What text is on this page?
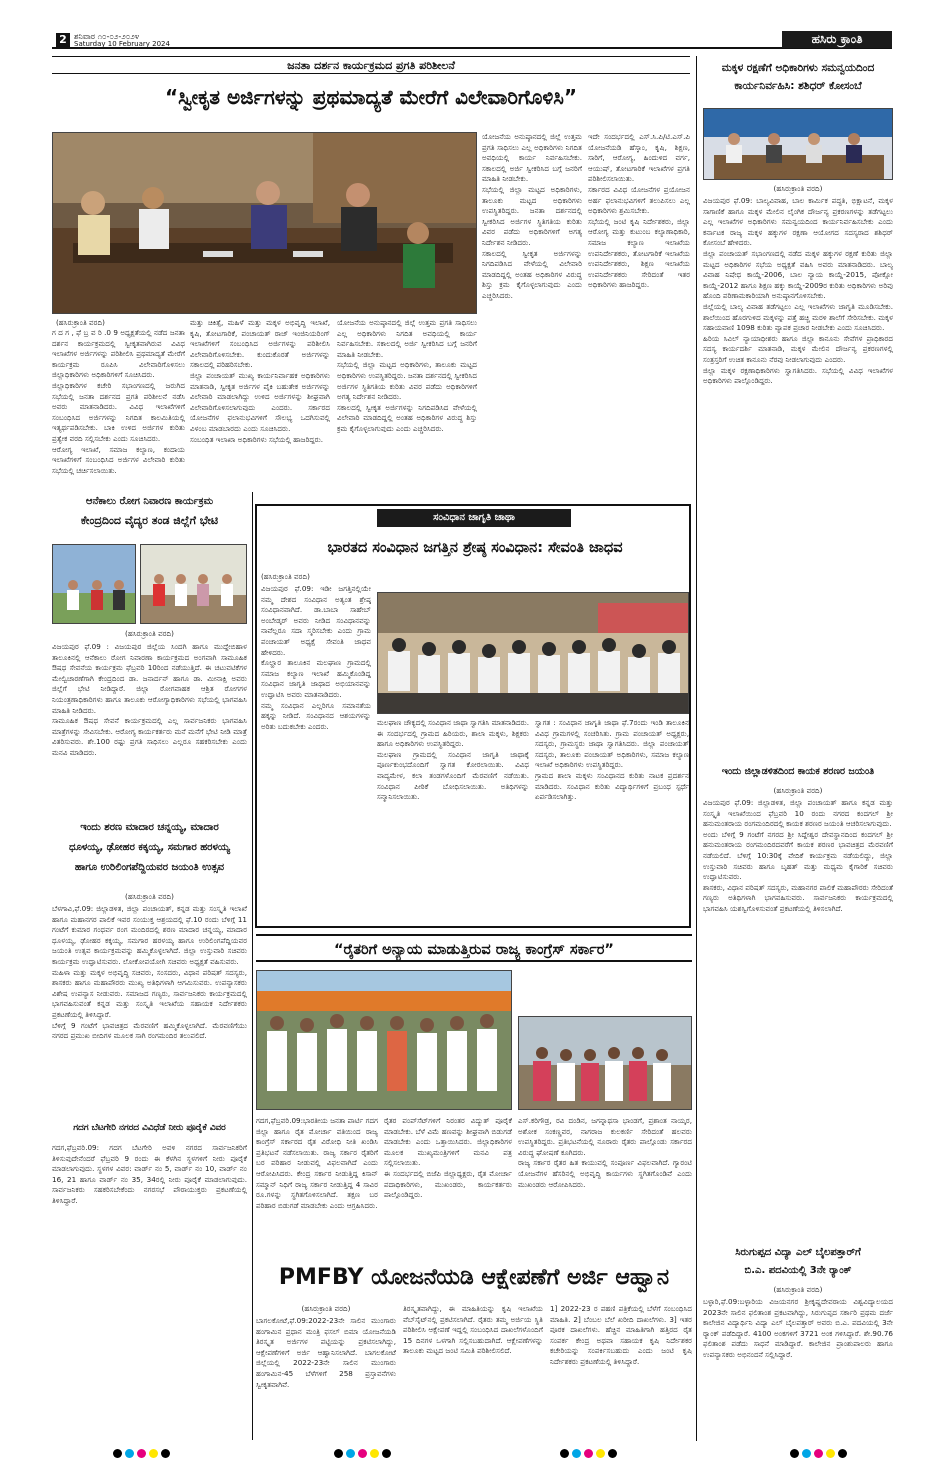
2 ಶನಿವಾರ ೧೦-೦೨-೨೦೨೪
Saturday 10 February 2024	ಹಸಿರು ಕ್ರಾಂತಿ
ಜನತಾ ದರ್ಶನ ಕಾರ್ಯಕ್ರಮದ ಪ್ರಗತಿ ಪರಿಶೀಲನೆ
“ಸ್ವೀಕೃತ ಅರ್ಜಿಗಳನ್ನು ಪ್ರಥಮಾದ್ಯತೆ ಮೇರೆಗೆ ವಿಲೇವಾರಿಗೊಳಿಸಿ”
(ಹಸಿರುಕ್ರಾಂತಿ ವರದಿ)
ಗ ದ ಗ , ಫೆ ಬ್ರ ವ ರಿ .0 9 ಅಧ್ಯಕ್ಷತೆಯಲ್ಲಿ ನಡೆದ ಜನತಾ ದರ್ಶನ ಕಾರ್ಯಕ್ರಮದಲ್ಲಿ ಸ್ವೀಕೃತವಾಗಿರುವ ವಿವಿಧ ಇಲಾಖೆಗಳ ಅರ್ಜಿಗಳನ್ನು ಪರಿಶೀಲಿಸಿ ಪ್ರಥಮಾದ್ಯತೆ ಮೇರೆಗೆ ಕಾರ್ಯಕ್ರಮ ರೂಪಿಸಿ ವಿಲೇವಾರಿಗೊಳಿಸಲು ಜಿಲ್ಲಾಧಿಕಾರಿಗಳು ಅಧಿಕಾರಿಗಳಿಗೆ ಸೂಚಿಸಿದರು.
ಜಿಲ್ಲಾಧಿಕಾರಿಗಳ ಕಚೇರಿ ಸಭಾಂಗಣದಲ್ಲಿ ಜರುಗಿದ ಸಭೆಯಲ್ಲಿ ಜನತಾ ದರ್ಶನದ ಪ್ರಗತಿ ಪರಿಶೀಲನೆ ನಡೆಸಿ ಅವರು ಮಾತನಾಡಿದರು. ವಿವಿಧ ಇಲಾಖೆಗಳಿಗೆ ಸಂಬಂಧಿಸಿದ ಅರ್ಜಿಗಳನ್ನು ನಿಗದಿತ ಕಾಲಮಿತಿಯಲ್ಲಿ ಇತ್ಯರ್ಥಪಡಿಸಬೇಕು. ಬಾಕಿ ಉಳಿದ ಅರ್ಜಿಗಳ ಕುರಿತು ಪ್ರತ್ಯೇಕ ವರದಿ ಸಲ್ಲಿಸಬೇಕು ಎಂದು ಸೂಚಿಸಿದರು.
ಆರೋಗ್ಯ ಇಲಾಖೆ, ಸಮಾಜ ಕಲ್ಯಾಣ, ಕಂದಾಯ ಇಲಾಖೆಗಳಿಗೆ ಸಂಬಂಧಿಸಿದ ಅರ್ಜಿಗಳ ವಿಲೇವಾರಿ ಕುರಿತು ಸಭೆಯಲ್ಲಿ ಚರ್ಚಿಸಲಾಯಿತು.
ಮತ್ತು ಚಿಕಿತ್ಸೆ, ಮಹಿಳೆ ಮತ್ತು ಮಕ್ಕಳ ಅಭಿವೃದ್ಧಿ ಇಲಾಖೆ, ಕೃಷಿ, ತೋಟಗಾರಿಕೆ, ಪಂಚಾಯತ್ ರಾಜ್ ಇಂಜಿನಿಯರಿಂಗ್ ಇಲಾಖೆಗಳಿಗೆ ಸಂಬಂಧಿಸಿದ ಅರ್ಜಿಗಳನ್ನು ಪರಿಶೀಲಿಸಿ ವಿಲೇವಾರಿಗೊಳಿಸಬೇಕು. ಕುಂದುಕೊರತೆ ಅರ್ಜಿಗಳನ್ನು ಸಕಾಲದಲ್ಲಿ ಪರಿಹರಿಸಬೇಕು.
ಜಿಲ್ಲಾ ಪಂಚಾಯತ್ ಮುಖ್ಯ ಕಾರ್ಯನಿರ್ವಾಹಕ ಅಧಿಕಾರಿಗಳು ಮಾತನಾಡಿ, ಸ್ವೀಕೃತ ಅರ್ಜಿಗಳ ಪೈಕಿ ಬಹುತೇಕ ಅರ್ಜಿಗಳನ್ನು ವಿಲೇವಾರಿ ಮಾಡಲಾಗಿದ್ದು ಉಳಿದ ಅರ್ಜಿಗಳನ್ನು ಶೀಘ್ರವಾಗಿ ವಿಲೇವಾರಿಗೊಳಿಸಲಾಗುವುದು ಎಂದರು. ಸರ್ಕಾರದ ಯೋಜನೆಗಳ ಫಲಾನುಭವಿಗಳಿಗೆ ಸೌಲಭ್ಯ ಒದಗಿಸುವಲ್ಲಿ ವಿಳಂಬ ಮಾಡಬಾರದು ಎಂದು ಸೂಚಿಸಿದರು.
ಸಂಬಂಧಿತ ಇಲಾಖಾ ಅಧಿಕಾರಿಗಳು ಸಭೆಯಲ್ಲಿ ಹಾಜರಿದ್ದರು.
ಯೋಜನೆಯ ಅನುಷ್ಠಾನದಲ್ಲಿ ಜಿಲ್ಲೆ ಉತ್ತಮ ಪ್ರಗತಿ ಸಾಧಿಸಲು ಎಲ್ಲ ಅಧಿಕಾರಿಗಳು ನಿಗದಿತ ಅವಧಿಯಲ್ಲಿ ಕಾರ್ಯ ನಿರ್ವಹಿಸಬೇಕು. ಸಕಾಲದಲ್ಲಿ ಅರ್ಜಿ ಸ್ವೀಕರಿಸಿದ ಬಗ್ಗೆ ಜನರಿಗೆ ಮಾಹಿತಿ ನೀಡಬೇಕು.
ಸಭೆಯಲ್ಲಿ ಜಿಲ್ಲಾ ಮಟ್ಟದ ಅಧಿಕಾರಿಗಳು, ತಾಲೂಕು ಮಟ್ಟದ ಅಧಿಕಾರಿಗಳು ಉಪಸ್ಥಿತರಿದ್ದರು. ಜನತಾ ದರ್ಶನದಲ್ಲಿ ಸ್ವೀಕರಿಸಿದ ಅರ್ಜಿಗಳ ಸ್ಥಿತಿಗತಿಯ ಕುರಿತು ವಿವರ ಪಡೆದು ಅಧಿಕಾರಿಗಳಿಗೆ ಅಗತ್ಯ ನಿರ್ದೇಶನ ನೀಡಿದರು.
ಸಕಾಲದಲ್ಲಿ ಸ್ವೀಕೃತ ಅರ್ಜಿಗಳನ್ನು ನಿಗದಿಪಡಿಸಿದ ವೇಳೆಯಲ್ಲಿ ವಿಲೇವಾರಿ ಮಾಡದಿದ್ದಲ್ಲಿ ಅಂತಹ ಅಧಿಕಾರಿಗಳ ವಿರುದ್ಧ ಶಿಸ್ತು ಕ್ರಮ ಕೈಗೊಳ್ಳಲಾಗುವುದು ಎಂದು ಎಚ್ಚರಿಸಿದರು.
ಯೋಜನೆಯ ಅನುಷ್ಠಾನದಲ್ಲಿ ಜಿಲ್ಲೆ ಉತ್ತಮ ಪ್ರಗತಿ ಸಾಧಿಸಲು ಎಲ್ಲ ಅಧಿಕಾರಿಗಳು ನಿಗದಿತ ಅವಧಿಯಲ್ಲಿ ಕಾರ್ಯ ನಿರ್ವಹಿಸಬೇಕು. ಸಕಾಲದಲ್ಲಿ ಅರ್ಜಿ ಸ್ವೀಕರಿಸಿದ ಬಗ್ಗೆ ಜನರಿಗೆ ಮಾಹಿತಿ ನೀಡಬೇಕು.
ಸಭೆಯಲ್ಲಿ ಜಿಲ್ಲಾ ಮಟ್ಟದ ಅಧಿಕಾರಿಗಳು, ತಾಲೂಕು ಮಟ್ಟದ ಅಧಿಕಾರಿಗಳು ಉಪಸ್ಥಿತರಿದ್ದರು. ಜನತಾ ದರ್ಶನದಲ್ಲಿ ಸ್ವೀಕರಿಸಿದ ಅರ್ಜಿಗಳ ಸ್ಥಿತಿಗತಿಯ ಕುರಿತು ವಿವರ ಪಡೆದು ಅಧಿಕಾರಿಗಳಿಗೆ ಅಗತ್ಯ ನಿರ್ದೇಶನ ನೀಡಿದರು.
ಸಕಾಲದಲ್ಲಿ ಸ್ವೀಕೃತ ಅರ್ಜಿಗಳನ್ನು ನಿಗದಿಪಡಿಸಿದ ವೇಳೆಯಲ್ಲಿ ವಿಲೇವಾರಿ ಮಾಡದಿದ್ದಲ್ಲಿ ಅಂತಹ ಅಧಿಕಾರಿಗಳ ವಿರುದ್ಧ ಶಿಸ್ತು ಕ್ರಮ ಕೈಗೊಳ್ಳಲಾಗುವುದು ಎಂದು ಎಚ್ಚರಿಸಿದರು.
ಇದೇ ಸಂದರ್ಭದಲ್ಲಿ ಎಸ್.ಸಿ.ಪಿ/ಟಿ.ಎಸ್.ಪಿ ಯೋಜನೆಯಡಿ ಹೆಸ್ಕಾಂ, ಕೃಷಿ, ಶಿಕ್ಷಣ, ಸಾರಿಗೆ, ಆರೋಗ್ಯ, ಹಿಂದುಳಿದ ವರ್ಗ, ಆಯುಷ್, ತೋಟಗಾರಿಕೆ ಇಲಾಖೆಗಳ ಪ್ರಗತಿ ಪರಿಶೀಲಿಸಲಾಯಿತು.
ಸರ್ಕಾರದ ವಿವಿಧ ಯೋಜನೆಗಳ ಪ್ರಯೋಜನ ಅರ್ಹ ಫಲಾನುಭವಿಗಳಿಗೆ ತಲುಪಿಸಲು ಎಲ್ಲ ಅಧಿಕಾರಿಗಳು ಶ್ರಮಿಸಬೇಕು.
ಸಭೆಯಲ್ಲಿ ಜಂಟಿ ಕೃಷಿ ನಿರ್ದೇಶಕರು, ಜಿಲ್ಲಾ ಆರೋಗ್ಯ ಮತ್ತು ಕುಟುಂಬ ಕಲ್ಯಾಣಾಧಿಕಾರಿ, ಸಮಾಜ ಕಲ್ಯಾಣ ಇಲಾಖೆಯ ಉಪನಿರ್ದೇಶಕರು, ತೋಟಗಾರಿಕೆ ಇಲಾಖೆಯ ಉಪನಿರ್ದೇಶಕರು, ಶಿಕ್ಷಣ ಇಲಾಖೆಯ ಉಪನಿರ್ದೇಶಕರು ಸೇರಿದಂತೆ ಇತರ ಅಧಿಕಾರಿಗಳು ಹಾಜರಿದ್ದರು.
ಮಕ್ಕಳ ರಕ್ಷಣೆಗೆ ಅಧಿಕಾರಿಗಳು ಸಮನ್ವಯದಿಂದ
ಕಾರ್ಯನಿರ್ವಹಿಸಿ: ಶಶಿಧರ್ ಕೋಸಂಬೆ
(ಹಸಿರುಕ್ರಾಂತಿ ವರದಿ)
ವಿಜಯಪುರ ಫೆ.09: ಬಾಲ್ಯವಿವಾಹ, ಬಾಲ ಕಾರ್ಮಿಕ ಪದ್ಧತಿ, ಭಿಕ್ಷಾಟನೆ, ಮಕ್ಕಳ ಸಾಗಾಣಿಕೆ ಹಾಗೂ ಮಕ್ಕಳ ಮೇಲಿನ ಲೈಂಗಿಕ ದೌರ್ಜನ್ಯ ಪ್ರಕರಣಗಳನ್ನು ತಡೆಗಟ್ಟಲು ಎಲ್ಲ ಇಲಾಖೆಗಳ ಅಧಿಕಾರಿಗಳು ಸಮನ್ವಯದಿಂದ ಕಾರ್ಯನಿರ್ವಹಿಸಬೇಕು ಎಂದು ಕರ್ನಾಟಕ ರಾಜ್ಯ ಮಕ್ಕಳ ಹಕ್ಕುಗಳ ರಕ್ಷಣಾ ಆಯೋಗದ ಸದಸ್ಯರಾದ ಶಶಿಧರ್ ಕೋಸಂಬೆ ಹೇಳಿದರು.
ಜಿಲ್ಲಾ ಪಂಚಾಯತ್ ಸಭಾಂಗಣದಲ್ಲಿ ನಡೆದ ಮಕ್ಕಳ ಹಕ್ಕುಗಳ ರಕ್ಷಣೆ ಕುರಿತು ಜಿಲ್ಲಾ ಮಟ್ಟದ ಅಧಿಕಾರಿಗಳ ಸಭೆಯ ಅಧ್ಯಕ್ಷತೆ ವಹಿಸಿ ಅವರು ಮಾತನಾಡಿದರು. ಬಾಲ್ಯ ವಿವಾಹ ನಿಷೇಧ ಕಾಯ್ದೆ-2006, ಬಾಲ ನ್ಯಾಯ ಕಾಯ್ದೆ-2015, ಪೋಕ್ಸೋ ಕಾಯ್ದೆ-2012 ಹಾಗೂ ಶಿಕ್ಷಣ ಹಕ್ಕು ಕಾಯ್ದೆ-2009ರ ಕುರಿತು ಅಧಿಕಾರಿಗಳು ಅರಿವು ಹೊಂದಿ ಪರಿಣಾಮಕಾರಿಯಾಗಿ ಅನುಷ್ಠಾನಗೊಳಿಸಬೇಕು.
ಜಿಲ್ಲೆಯಲ್ಲಿ ಬಾಲ್ಯ ವಿವಾಹ ತಡೆಗಟ್ಟಲು ಎಲ್ಲ ಇಲಾಖೆಗಳು ಜಾಗೃತಿ ಮೂಡಿಸಬೇಕು. ಶಾಲೆಯಿಂದ ಹೊರಗುಳಿದ ಮಕ್ಕಳನ್ನು ಪತ್ತೆ ಹಚ್ಚಿ ಮರಳಿ ಶಾಲೆಗೆ ಸೇರಿಸಬೇಕು. ಮಕ್ಕಳ ಸಹಾಯವಾಣಿ 1098 ಕುರಿತು ವ್ಯಾಪಕ ಪ್ರಚಾರ ನೀಡಬೇಕು ಎಂದು ಸೂಚಿಸಿದರು.
ಹಿರಿಯ ಸಿವಿಲ್ ನ್ಯಾಯಾಧೀಶರು ಹಾಗೂ ಜಿಲ್ಲಾ ಕಾನೂನು ಸೇವೆಗಳ ಪ್ರಾಧಿಕಾರದ ಸದಸ್ಯ ಕಾರ್ಯದರ್ಶಿ ಮಾತನಾಡಿ, ಮಕ್ಕಳ ಮೇಲಿನ ದೌರ್ಜನ್ಯ ಪ್ರಕರಣಗಳಲ್ಲಿ ಸಂತ್ರಸ್ತರಿಗೆ ಉಚಿತ ಕಾನೂನು ನೆರವು ನೀಡಲಾಗುವುದು ಎಂದರು.
ಜಿಲ್ಲಾ ಮಕ್ಕಳ ರಕ್ಷಣಾಧಿಕಾರಿಗಳು ಸ್ವಾಗತಿಸಿದರು. ಸಭೆಯಲ್ಲಿ ವಿವಿಧ ಇಲಾಖೆಗಳ ಅಧಿಕಾರಿಗಳು ಪಾಲ್ಗೊಂಡಿದ್ದರು.
ಇಂದು ಜಿಲ್ಲಾಡಳಿತದಿಂದ ಕಾಯಕ ಶರಣರ ಜಯಂತಿ
(ಹಸಿರುಕ್ರಾಂತಿ ವರದಿ)
ವಿಜಯಪುರ ಫೆ.09: ಜಿಲ್ಲಾಡಳಿತ, ಜಿಲ್ಲಾ ಪಂಚಾಯತ್ ಹಾಗೂ ಕನ್ನಡ ಮತ್ತು ಸಂಸ್ಕೃತಿ ಇಲಾಖೆಯಿಂದ ಫೆಬ್ರವರಿ 10 ರಂದು ನಗರದ ಕಂದಗಲ್ ಶ್ರೀ ಹನುಮಂತರಾಯ ರಂಗಮಂದಿರದಲ್ಲಿ ಕಾಯಕ ಶರಣರ ಜಯಂತಿ ಆಚರಿಸಲಾಗುವುದು.
ಅಂದು ಬೆಳಿಗ್ಗೆ 9 ಗಂಟೆಗೆ ನಗರದ ಶ್ರೀ ಸಿದ್ದೇಶ್ವರ ದೇವಸ್ಥಾನದಿಂದ ಕಂದಗಲ್ ಶ್ರೀ ಹನುಮಂತರಾಯ ರಂಗಮಂದಿರದವರೆಗೆ ಕಾಯಕ ಶರಣರ ಭಾವಚಿತ್ರದ ಮೆರವಣಿಗೆ ನಡೆಯಲಿದೆ. ಬೆಳಿಗ್ಗೆ 10:30ಕ್ಕೆ ವೇದಿಕೆ ಕಾರ್ಯಕ್ರಮ ನಡೆಯಲಿದ್ದು, ಜಿಲ್ಲಾ ಉಸ್ತುವಾರಿ ಸಚಿವರು ಹಾಗೂ ಬೃಹತ್ ಮತ್ತು ಮಧ್ಯಮ ಕೈಗಾರಿಕೆ ಸಚಿವರು ಉದ್ಘಾಟಿಸುವರು.
ಶಾಸಕರು, ವಿಧಾನ ಪರಿಷತ್ ಸದಸ್ಯರು, ಮಹಾನಗರ ಪಾಲಿಕೆ ಮಹಾಪೌರರು ಸೇರಿದಂತೆ ಗಣ್ಯರು ಅತಿಥಿಗಳಾಗಿ ಭಾಗವಹಿಸುವರು. ಸಾರ್ವಜನಿಕರು ಕಾರ್ಯಕ್ರಮದಲ್ಲಿ ಭಾಗವಹಿಸಿ ಯಶಸ್ವಿಗೊಳಿಸುವಂತೆ ಪ್ರಕಟಣೆಯಲ್ಲಿ ತಿಳಿಸಲಾಗಿದೆ.
ಸಿರುಗುಪ್ಪದ ವಿದ್ಯಾ ಎಲ್ ಬೈಲಪತ್ತಾರ್‌ಗೆ
ಬಿ.ಎ. ಪದವಿಯಲ್ಲಿ 3ನೇ ರ್‍ಯಾಂಕ್
(ಹಸಿರುಕ್ರಾಂತಿ ವರದಿ)
ಬಳ್ಳಾರಿ,ಫೆ.09:ಬಳ್ಳಾರಿಯ ವಿಜಯನಗರ ಶ್ರೀಕೃಷ್ಣದೇವರಾಯ ವಿಶ್ವವಿದ್ಯಾಲಯದ 2023ನೇ ಸಾಲಿನ ಫಲಿತಾಂಶ ಪ್ರಕಟವಾಗಿದ್ದು, ಸಿರುಗುಪ್ಪದ ಸರ್ಕಾರಿ ಪ್ರಥಮ ದರ್ಜೆ ಕಾಲೇಜಿನ ವಿದ್ಯಾರ್ಥಿನಿ ವಿದ್ಯಾ ಎಲ್ ಬೈಲಪತ್ತಾರ್ ಅವರು ಬಿ.ಎ. ಪದವಿಯಲ್ಲಿ 3ನೇ ರ್‍ಯಾಂಕ್ ಪಡೆದಿದ್ದಾರೆ. 4100 ಅಂಕಗಳಿಗೆ 3721 ಅಂಕ ಗಳಿಸಿದ್ದಾರೆ. ಶೇ.90.76 ಫಲಿತಾಂಶ ಪಡೆದು ಸಾಧನೆ ಮಾಡಿದ್ದಾರೆ. ಕಾಲೇಜಿನ ಪ್ರಾಂಶುಪಾಲರು ಹಾಗೂ ಉಪನ್ಯಾಸಕರು ಅಭಿನಂದನೆ ಸಲ್ಲಿಸಿದ್ದಾರೆ.
ಆನೆಕಾಲು ರೋಗ ನಿವಾರಣ ಕಾರ್ಯಕ್ರಮ
ಕೇಂದ್ರದಿಂದ ವೈದ್ಯರ ತಂಡ ಜಿಲ್ಲೆಗೆ ಭೇಟಿ
(ಹಸಿರುಕ್ರಾಂತಿ ವರದಿ)
ವಿಜಯಪುರ ಫೆ.09 : ವಿಜಯಪುರ ಜಿಲ್ಲೆಯ ಸಿಂದಗಿ ಹಾಗೂ ಮುದ್ದೇಬಿಹಾಳ ತಾಲೂಕಿನಲ್ಲಿ ಆನೆಕಾಲು ರೋಗ ನಿವಾರಣಾ ಕಾರ್ಯಕ್ರಮದ ಅಂಗವಾಗಿ ಸಾಮೂಹಿಕ ಔಷಧ ಸೇವನೆಯ ಕಾರ್ಯಕ್ರಮ ಫೆಬ್ರವರಿ 10ರಿಂದ ನಡೆಯುತ್ತಿದೆ. ಈ ಚಟುವಟಿಕೆಗಳ ಮೇಲ್ವಿಚಾರಣೆಗಾಗಿ ಕೇಂದ್ರದಿಂದ ಡಾ. ಜನಾರ್ದನ್ ಹಾಗೂ ಡಾ. ಮೀನಾಕ್ಷಿ ಅವರು ಜಿಲ್ಲೆಗೆ ಭೇಟಿ ನೀಡಿದ್ದಾರೆ. ಜಿಲ್ಲಾ ರೋಗವಾಹಕ ಆಶ್ರಿತ ರೋಗಗಳ ನಿಯಂತ್ರಣಾಧಿಕಾರಿಗಳು ಹಾಗೂ ತಾಲೂಕು ಆರೋಗ್ಯಾಧಿಕಾರಿಗಳು ಸಭೆಯಲ್ಲಿ ಭಾಗವಹಿಸಿ ಮಾಹಿತಿ ನೀಡಿದರು.
ಸಾಮೂಹಿಕ ಔಷಧ ಸೇವನೆ ಕಾರ್ಯಕ್ರಮದಲ್ಲಿ ಎಲ್ಲ ಸಾರ್ವಜನಿಕರು ಭಾಗವಹಿಸಿ ಮಾತ್ರೆಗಳನ್ನು ಸೇವಿಸಬೇಕು. ಆರೋಗ್ಯ ಕಾರ್ಯಕರ್ತರು ಮನೆ ಮನೆಗೆ ಭೇಟಿ ನೀಡಿ ಮಾತ್ರೆ ವಿತರಿಸುವರು. ಶೇ.100 ರಷ್ಟು ಪ್ರಗತಿ ಸಾಧಿಸಲು ಎಲ್ಲರೂ ಸಹಕರಿಸಬೇಕು ಎಂದು ಮನವಿ ಮಾಡಿದರು.
ಇಂದು ಶರಣ ಮಾದಾರ ಚನ್ನಯ್ಯ, ಮಾದಾರ
ಧೂಳಯ್ಯ, ಢೋಹರ ಕಕ್ಕಯ್ಯ, ಸಮಗಾರ ಹರಳಯ್ಯ
ಹಾಗೂ ಉರಿಲಿಂಗಪೆದ್ದಿಯವರ ಜಯಂತಿ ಉತ್ಸವ
(ಹಸಿರುಕ್ರಾಂತಿ ವರದಿ)
ಬೆಳಗಾವಿ,ಫೆ.09: ಜಿಲ್ಲಾಡಳಿತ, ಜಿಲ್ಲಾ ಪಂಚಾಯತ್, ಕನ್ನಡ ಮತ್ತು ಸಂಸ್ಕೃತಿ ಇಲಾಖೆ ಹಾಗೂ ಮಹಾನಗರ ಪಾಲಿಕೆ ಇವರ ಸಂಯುಕ್ತ ಆಶ್ರಯದಲ್ಲಿ ಫೆ.10 ರಂದು ಬೆಳಿಗ್ಗೆ 11 ಗಂಟೆಗೆ ಕುಮಾರ ಗಂಧರ್ವ ರಂಗ ಮಂದಿರದಲ್ಲಿ ಶರಣ ಮಾದಾರ ಚನ್ನಯ್ಯ, ಮಾದಾರ ಧೂಳಯ್ಯ, ಢೋಹರ ಕಕ್ಕಯ್ಯ, ಸಮಗಾರ ಹರಳಯ್ಯ ಹಾಗೂ ಉರಿಲಿಂಗಪೆದ್ದಿಯವರ ಜಯಂತಿ ಉತ್ಸವ ಕಾರ್ಯಕ್ರಮವನ್ನು ಹಮ್ಮಿಕೊಳ್ಳಲಾಗಿದೆ. ಜಿಲ್ಲಾ ಉಸ್ತುವಾರಿ ಸಚಿವರು ಕಾರ್ಯಕ್ರಮ ಉದ್ಘಾಟಿಸುವರು. ಲೋಕೋಪಯೋಗಿ ಸಚಿವರು ಅಧ್ಯಕ್ಷತೆ ವಹಿಸುವರು.
ಮಹಿಳಾ ಮತ್ತು ಮಕ್ಕಳ ಅಭಿವೃದ್ಧಿ ಸಚಿವರು, ಸಂಸದರು, ವಿಧಾನ ಪರಿಷತ್ ಸದಸ್ಯರು, ಶಾಸಕರು ಹಾಗೂ ಮಹಾಪೌರರು ಮುಖ್ಯ ಅತಿಥಿಗಳಾಗಿ ಆಗಮಿಸುವರು. ಉಪನ್ಯಾಸಕರು ವಿಶೇಷ ಉಪನ್ಯಾಸ ನೀಡುವರು. ಸಮಾಜದ ಗಣ್ಯರು, ಸಾರ್ವಜನಿಕರು ಕಾರ್ಯಕ್ರಮದಲ್ಲಿ ಭಾಗವಹಿಸುವಂತೆ ಕನ್ನಡ ಮತ್ತು ಸಂಸ್ಕೃತಿ ಇಲಾಖೆಯ ಸಹಾಯಕ ನಿರ್ದೇಶಕರು ಪ್ರಕಟಣೆಯಲ್ಲಿ ತಿಳಿಸಿದ್ದಾರೆ.
ಬೆಳಿಗ್ಗೆ 9 ಗಂಟೆಗೆ ಭಾವಚಿತ್ರದ ಮೆರವಣಿಗೆ ಹಮ್ಮಿಕೊಳ್ಳಲಾಗಿದೆ. ಮೆರವಣಿಗೆಯು ನಗರದ ಪ್ರಮುಖ ಬೀದಿಗಳ ಮೂಲಕ ಸಾಗಿ ರಂಗಮಂದಿರ ತಲುಪಲಿದೆ.
ಗದಗ ಬೆಟಗೇರಿ ನಗರದ ವಿವಿಧೆಡೆ ನೀರು ಪೂರೈಕೆ ವಿವರ
ಗದಗ,ಫೆಬ್ರವರಿ.09: ಗದಗ ಬೆಟಗೇರಿ ಅವಳಿ ನಗರದ ಸಾರ್ವಜನಿಕರಿಗೆ ತಿಳಿಸುವುದೇನೆಂದರೆ ಫೆಬ್ರವರಿ 9 ರಂದು ಈ ಕೆಳಗಿನ ಸ್ಥಳಗಳಿಗೆ ನೀರು ಪೂರೈಕೆ ಮಾಡಲಾಗುವುದು. ಸ್ಥಳಗಳ ವಿವರ: ವಾರ್ಡ್ ನಂ 5, ವಾರ್ಡ್ ನಂ 10, ವಾರ್ಡ್ ನಂ 16, 21 ಹಾಗೂ ವಾರ್ಡ್ ನಂ 35, 34ರಲ್ಲಿ ನೀರು ಪೂರೈಕೆ ಮಾಡಲಾಗುವುದು. ಸಾರ್ವಜನಿಕರು ಸಹಕರಿಸಬೇಕೆಂದು ನಗರಸಭೆ ಪೌರಾಯುಕ್ತರು ಪ್ರಕಟಣೆಯಲ್ಲಿ ತಿಳಿಸಿದ್ದಾರೆ.
ಸಂವಿಧಾನ ಜಾಗೃತಿ ಜಾಥಾ
ಭಾರತದ ಸಂವಿಧಾನ ಜಗತ್ತಿನ ಶ್ರೇಷ್ಠ ಸಂವಿಧಾನ: ಸೇವಂತಿ ಜಾಧವ
(ಹಸಿರುಕ್ರಾಂತಿ ವರದಿ)
ವಿಜಯಪುರ ಫೆ.09: ಇಡೀ ಜಗತ್ತಿನಲ್ಲಿಯೇ ನಮ್ಮ ದೇಶದ ಸಂವಿಧಾನ ಅತ್ಯಂತ ಶ್ರೇಷ್ಠ ಸಂವಿಧಾನವಾಗಿದೆ. ಡಾ.ಬಾಬಾ ಸಾಹೇಬ್ ಅಂಬೇಡ್ಕರ್ ಅವರು ನೀಡಿದ ಸಂವಿಧಾನವನ್ನು ನಾವೆಲ್ಲರೂ ಸದಾ ಸ್ಮರಿಸಬೇಕು ಎಂದು ಗ್ರಾಮ ಪಂಚಾಯತ್ ಅಧ್ಯಕ್ಷೆ ಸೇವಂತಿ ಜಾಧವ ಹೇಳಿದರು.
ಕೊಲ್ಹಾರ ತಾಲೂಕಿನ ಮಲಘಾಣ ಗ್ರಾಮದಲ್ಲಿ ಸಮಾಜ ಕಲ್ಯಾಣ ಇಲಾಖೆ ಹಮ್ಮಿಕೊಂಡಿದ್ದ ಸಂವಿಧಾನ ಜಾಗೃತಿ ಜಾಥಾದ ಅಭಿಯಾನವನ್ನು ಉದ್ಘಾಟಿಸಿ ಅವರು ಮಾತನಾಡಿದರು.
ನಮ್ಮ ಸಂವಿಧಾನ ಎಲ್ಲರಿಗೂ ಸಮಾನತೆಯ ಹಕ್ಕನ್ನು ನೀಡಿದೆ. ಸಂವಿಧಾನದ ಆಶಯಗಳನ್ನು ಅರಿತು ಬದುಕಬೇಕು ಎಂದರು.	ಮಲಘಾಣ ಚೌಕ್ಯದಲ್ಲಿ ಸಂವಿಧಾನ ಜಾಥಾ ಸ್ವಾಗತಿಸಿ ಮಾತನಾಡಿದರು. ಈ ಸಂದರ್ಭದಲ್ಲಿ ಗ್ರಾಮದ ಹಿರಿಯರು, ಶಾಲಾ ಮಕ್ಕಳು, ಶಿಕ್ಷಕರು ಹಾಗೂ ಅಧಿಕಾರಿಗಳು ಉಪಸ್ಥಿತರಿದ್ದರು.
ಮಲಘಾಣ ಗ್ರಾಮದಲ್ಲಿ ಸಂವಿಧಾನ ಜಾಗೃತಿ ಜಾಥಾಕ್ಕೆ ಪೂರ್ಣಕುಂಭದೊಂದಿಗೆ ಸ್ವಾಗತ ಕೋರಲಾಯಿತು. ವಿವಿಧ ವಾದ್ಯಮೇಳ, ಕಲಾ ತಂಡಗಳೊಂದಿಗೆ ಮೆರವಣಿಗೆ ನಡೆಯಿತು. ಸಂವಿಧಾನ ಪೀಠಿಕೆ ಬೋಧಿಸಲಾಯಿತು. ಅತಿಥಿಗಳನ್ನು ಸನ್ಮಾನಿಸಲಾಯಿತು.
ಸ್ವಾಗತ : ಸಂವಿಧಾನ ಜಾಗೃತಿ ಜಾಥಾ ಫೆ.7ರಂದು ಇಂಡಿ ತಾಲೂಕಿನ ವಿವಿಧ ಗ್ರಾಮಗಳಲ್ಲಿ ಸಂಚರಿಸಿತು. ಗ್ರಾಮ ಪಂಚಾಯತ್ ಅಧ್ಯಕ್ಷರು, ಸದಸ್ಯರು, ಗ್ರಾಮಸ್ಥರು ಜಾಥಾ ಸ್ವಾಗತಿಸಿದರು. ಜಿಲ್ಲಾ ಪಂಚಾಯತ್ ಸದಸ್ಯರು, ತಾಲೂಕು ಪಂಚಾಯತ್ ಅಧಿಕಾರಿಗಳು, ಸಮಾಜ ಕಲ್ಯಾಣ ಇಲಾಖೆ ಅಧಿಕಾರಿಗಳು ಉಪಸ್ಥಿತರಿದ್ದರು.
ಗ್ರಾಮದ ಶಾಲಾ ಮಕ್ಕಳು ಸಂವಿಧಾನದ ಕುರಿತು ನಾಟಕ ಪ್ರದರ್ಶನ ಮಾಡಿದರು. ಸಂವಿಧಾನ ಕುರಿತು ವಿದ್ಯಾರ್ಥಿಗಳಿಗೆ ಪ್ರಬಂಧ ಸ್ಪರ್ಧೆ ಏರ್ಪಡಿಸಲಾಗಿತ್ತು.
“ರೈತರಿಗೆ ಅನ್ಯಾಯ ಮಾಡುತ್ತಿರುವ ರಾಜ್ಯ ಕಾಂಗ್ರೆಸ್ ಸರ್ಕಾರ”
ಗದಗ,ಫೆಬ್ರವರಿ.09:ಭಾರತೀಯ ಜನತಾ ಪಾರ್ಟಿ ಗದಗ ಜಿಲ್ಲಾ ಹಾಗೂ ರೈತ ಮೋರ್ಚಾ ವತಿಯಿಂದ ರಾಜ್ಯ ಕಾಂಗ್ರೆಸ್ ಸರ್ಕಾರದ ರೈತ ವಿರೋಧಿ ನೀತಿ ಖಂಡಿಸಿ ಪ್ರತಿಭಟನೆ ನಡೆಸಲಾಯಿತು. ರಾಜ್ಯ ಸರ್ಕಾರ ರೈತರಿಗೆ ಬರ ಪರಿಹಾರ ನೀಡುವಲ್ಲಿ ವಿಫಲವಾಗಿದೆ ಎಂದು ಆರೋಪಿಸಿದರು. ಕೇಂದ್ರ ಸರ್ಕಾರ ನೀಡುತ್ತಿದ್ದ ಕಿಸಾನ್ ಸಮ್ಮಾನ್ ನಿಧಿಗೆ ರಾಜ್ಯ ಸರ್ಕಾರ ನೀಡುತ್ತಿದ್ದ 4 ಸಾವಿರ ರೂ.ಗಳನ್ನು ಸ್ಥಗಿತಗೊಳಿಸಲಾಗಿದೆ. ತಕ್ಷಣ ಬರ ಪರಿಹಾರ ಬಿಡುಗಡೆ ಮಾಡಬೇಕು ಎಂದು ಆಗ್ರಹಿಸಿದರು.
ರೈತರ ಪಂಪ್‌ಸೆಟ್‌ಗಳಿಗೆ ನಿರಂತರ ವಿದ್ಯುತ್ ಪೂರೈಕೆ ಮಾಡಬೇಕು. ಬೆಳೆ ವಿಮೆ ಹಣವನ್ನು ಶೀಘ್ರವಾಗಿ ಬಿಡುಗಡೆ ಮಾಡಬೇಕು ಎಂದು ಒತ್ತಾಯಿಸಿದರು. ಜಿಲ್ಲಾಧಿಕಾರಿಗಳ ಮೂಲಕ ಮುಖ್ಯಮಂತ್ರಿಗಳಿಗೆ ಮನವಿ ಪತ್ರ ಸಲ್ಲಿಸಲಾಯಿತು.
ಈ ಸಂದರ್ಭದಲ್ಲಿ ಬಿಜೆಪಿ ಜಿಲ್ಲಾಧ್ಯಕ್ಷರು, ರೈತ ಮೋರ್ಚಾ ಪದಾಧಿಕಾರಿಗಳು, ಮುಖಂಡರು, ಕಾರ್ಯಕರ್ತರು ಪಾಲ್ಗೊಂಡಿದ್ದರು.
ಎಸ್.ಕರಿಗೌಡ್ರ, ರವಿ ದಂಡಿನ, ಜಗನ್ನಾಥಸಾ ಭಾಂಡಗೆ, ಪ್ರಶಾಂತ ನಾಯ್ಕರ, ಅಶೋಕ ಸಂಕಣ್ಣವರ, ನಾಗರಾಜ ಕುಲಕರ್ಣಿ ಸೇರಿದಂತೆ ಹಲವರು ಉಪಸ್ಥಿತರಿದ್ದರು. ಪ್ರತಿಭಟನೆಯಲ್ಲಿ ನೂರಾರು ರೈತರು ಪಾಲ್ಗೊಂಡು ಸರ್ಕಾರದ ವಿರುದ್ಧ ಘೋಷಣೆ ಕೂಗಿದರು.
ರಾಜ್ಯ ಸರ್ಕಾರ ರೈತರ ಹಿತ ಕಾಯುವಲ್ಲಿ ಸಂಪೂರ್ಣ ವಿಫಲವಾಗಿದೆ. ಗ್ಯಾರಂಟಿ ಯೋಜನೆಗಳ ಹೆಸರಿನಲ್ಲಿ ಅಭಿವೃದ್ಧಿ ಕಾರ್ಯಗಳು ಸ್ಥಗಿತಗೊಂಡಿವೆ ಎಂದು ಮುಖಂಡರು ಆರೋಪಿಸಿದರು.
PMFBY ಯೋಜನೆಯಡಿ ಆಕ್ಷೇಪಣೆಗೆ ಅರ್ಜಿ ಆಹ್ವಾನ
(ಹಸಿರುಕ್ರಾಂತಿ ವರದಿ)
ಬಾಗಲಕೋಟೆ,ಫೆ.09:2022-23ನೇ ಸಾಲಿನ ಮುಂಗಾರು ಹಂಗಾಮಿನ ಪ್ರಧಾನ ಮಂತ್ರಿ ಫಸಲ್ ಬಿಮಾ ಯೋಜನೆಯಡಿ ತಿರಸ್ಕೃತ ಅರ್ಜಿಗಳ ಪಟ್ಟಿಯನ್ನು ಪ್ರಕಟಿಸಲಾಗಿದ್ದು, ಆಕ್ಷೇಪಣೆಗಳಿಗೆ ಅರ್ಜಿ ಆಹ್ವಾನಿಸಲಾಗಿದೆ. ಬಾಗಲಕೋಟೆ ಜಿಲ್ಲೆಯಲ್ಲಿ 2022-23ನೇ ಸಾಲಿನ ಮುಂಗಾರು ಹಂಗಾಮಿನ-45 ಬೆಳೆಗಳಿಗೆ 258 ಪ್ರಸ್ತಾವನೆಗಳು ಸ್ವೀಕೃತವಾಗಿವೆ.
ತಿರಸ್ಕೃತವಾಗಿದ್ದು, ಈ ಮಾಹಿತಿಯನ್ನು ಕೃಷಿ ಇಲಾಖೆಯ ವೆಬ್‌ಸೈಟ್‌ನಲ್ಲಿ ಪ್ರಕಟಿಸಲಾಗಿದೆ. ರೈತರು ತಮ್ಮ ಅರ್ಜಿಯ ಸ್ಥಿತಿ ಪರಿಶೀಲಿಸಿ ಆಕ್ಷೇಪಣೆ ಇದ್ದಲ್ಲಿ ಸಂಬಂಧಿಸಿದ ದಾಖಲೆಗಳೊಂದಿಗೆ 15 ದಿನಗಳ ಒಳಗಾಗಿ ಸಲ್ಲಿಸಬಹುದಾಗಿದೆ. ಆಕ್ಷೇಪಣೆಗಳನ್ನು ತಾಲೂಕು ಮಟ್ಟದ ಜಂಟಿ ಸಮಿತಿ ಪರಿಶೀಲಿಸಲಿದೆ.
1] 2022-23 ರ ಪಹಣಿ ಪತ್ರಿಕೆಯಲ್ಲಿ ಬೆಳೆಗೆ ಸಂಬಂಧಿಸಿದ ಮಾಹಿತಿ. 2] ಬೆಂಬಲ ಬೆಲೆ ಖರೀದಿ ದಾಖಲೆಗಳು. 3] ಇತರ ಪೂರಕ ದಾಖಲೆಗಳು. ಹೆಚ್ಚಿನ ಮಾಹಿತಿಗಾಗಿ ಹತ್ತಿರದ ರೈತ ಸಂಪರ್ಕ ಕೇಂದ್ರ ಅಥವಾ ಸಹಾಯಕ ಕೃಷಿ ನಿರ್ದೇಶಕರ ಕಚೇರಿಯನ್ನು ಸಂಪರ್ಕಿಸಬಹುದು ಎಂದು ಜಂಟಿ ಕೃಷಿ ನಿರ್ದೇಶಕರು ಪ್ರಕಟಣೆಯಲ್ಲಿ ತಿಳಿಸಿದ್ದಾರೆ.
